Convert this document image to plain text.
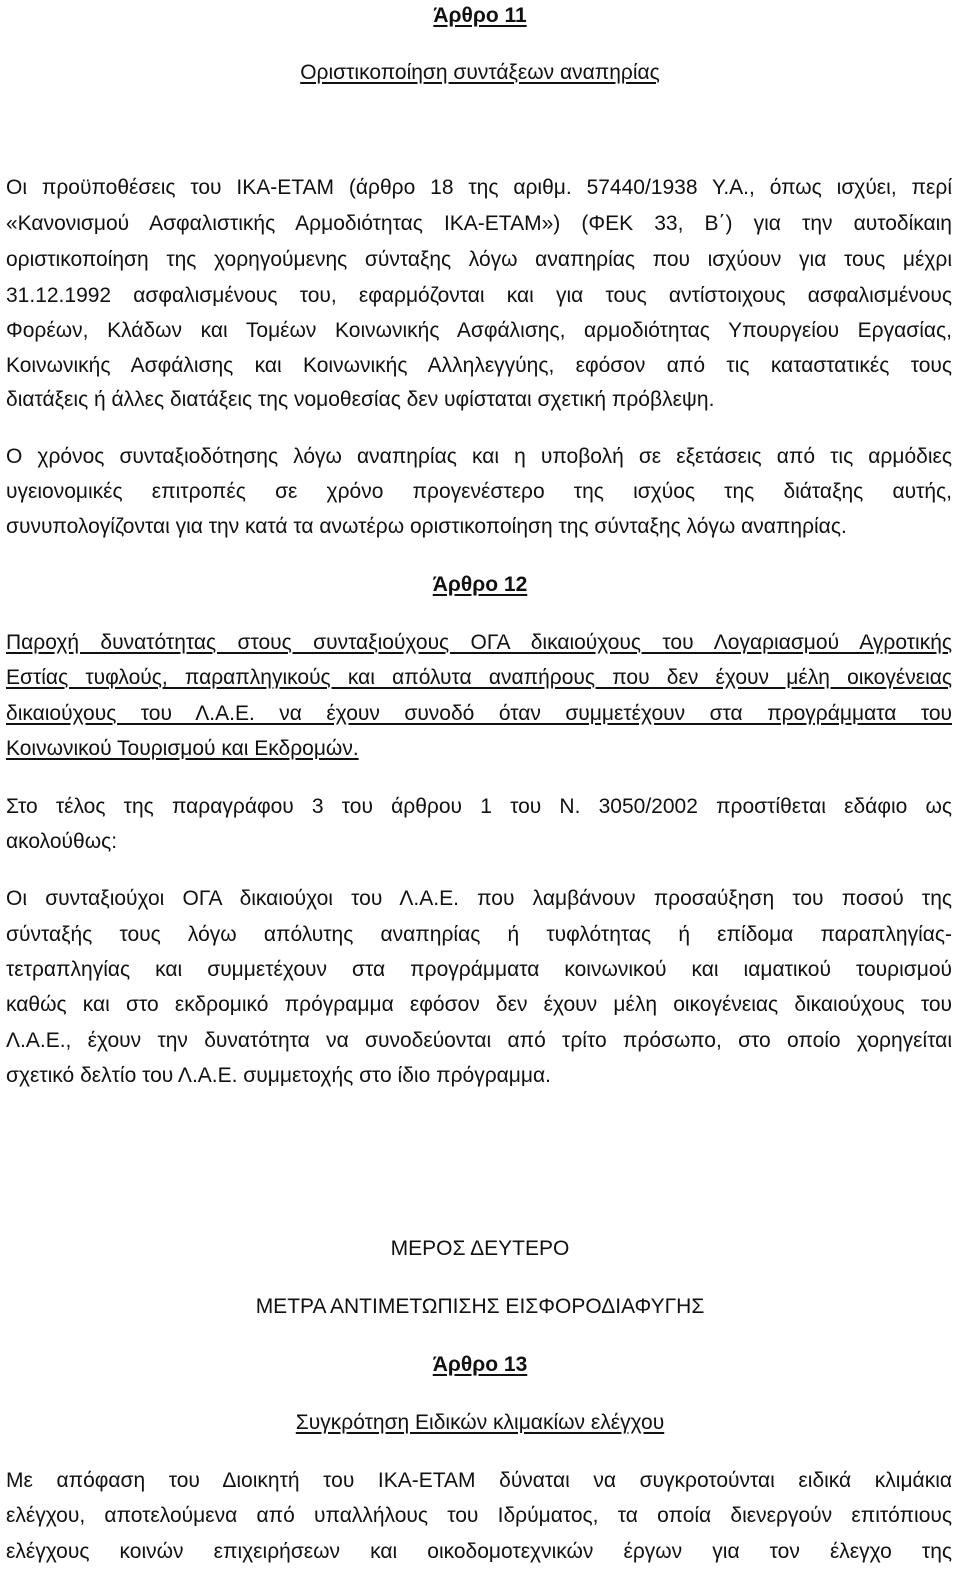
Άρθρο 11
Οριστικοποίηση συντάξεων αναπηρίας
Οι προϋποθέσεις του ΙΚΑ-ΕΤΑΜ (άρθρο 18 της αριθμ. 57440/1938 Υ.Α., όπως ισχύει, περί
«Κανονισμού Ασφαλιστικής Αρμοδιότητας ΙΚΑ-ΕΤΑΜ») (ΦΕΚ 33, Β΄) για την αυτοδίκαιη
οριστικοποίηση της χορηγούμενης σύνταξης λόγω αναπηρίας που ισχύουν για τους μέχρι
31.12.1992 ασφαλισμένους του, εφαρμόζονται και για τους αντίστοιχους ασφαλισμένους
Φορέων, Κλάδων και Τομέων Κοινωνικής Ασφάλισης, αρμοδιότητας Υπουργείου Εργασίας,
Κοινωνικής Ασφάλισης και Κοινωνικής Αλληλεγγύης, εφόσον από τις καταστατικές τους
διατάξεις ή άλλες διατάξεις της νομοθεσίας δεν υφίσταται σχετική πρόβλεψη.
Ο χρόνος συνταξιοδότησης λόγω αναπηρίας και η υποβολή σε εξετάσεις από τις αρμόδιες
υγειονομικές επιτροπές σε χρόνο προγενέστερο της ισχύος της διάταξης αυτής,
συνυπολογίζονται για την κατά τα ανωτέρω οριστικοποίηση της σύνταξης λόγω αναπηρίας.
Άρθρο 12
Παροχή δυνατότητας στους συνταξιούχους ΟΓΑ δικαιούχους του Λογαριασμού Αγροτικής
Εστίας τυφλούς, παραπληγικούς και απόλυτα αναπήρους που δεν έχουν μέλη οικογένειας
δικαιούχους του Λ.Α.Ε. να έχουν συνοδό όταν συμμετέχουν στα προγράμματα του
Κοινωνικού Τουρισμού και Εκδρομών.
Στο τέλος της παραγράφου 3 του άρθρου 1 του Ν. 3050/2002 προστίθεται εδάφιο ως
ακολούθως:
Οι συνταξιούχοι ΟΓΑ δικαιούχοι του Λ.Α.Ε. που λαμβάνουν προσαύξηση του ποσού της
σύνταξής τους λόγω απόλυτης αναπηρίας ή τυφλότητας ή επίδομα παραπληγίας-
τετραπληγίας και συμμετέχουν στα προγράμματα κοινωνικού και ιαματικού τουρισμού
καθώς και στο εκδρομικό πρόγραμμα εφόσον δεν έχουν μέλη οικογένειας δικαιούχους του
Λ.Α.Ε., έχουν την δυνατότητα να συνοδεύονται από τρίτο πρόσωπο, στο οποίο χορηγείται
σχετικό δελτίο του Λ.Α.Ε. συμμετοχής στο ίδιο πρόγραμμα.
ΜΕΡΟΣ ΔΕΥΤΕΡΟ
ΜΕΤΡΑ ΑΝΤΙΜΕΤΩΠΙΣΗΣ ΕΙΣΦΟΡΟΔΙΑΦΥΓΗΣ
Άρθρο 13
Συγκρότηση Ειδικών κλιμακίων ελέγχου
Με απόφαση του Διοικητή του ΙΚΑ-ΕΤΑΜ δύναται να συγκροτούνται ειδικά κλιμάκια
ελέγχου, αποτελούμενα από υπαλλήλους του Ιδρύματος, τα οποία διενεργούν επιτόπιους
ελέγχους κοινών επιχειρήσεων και οικοδομοτεχνικών έργων για τον έλεγχο της
